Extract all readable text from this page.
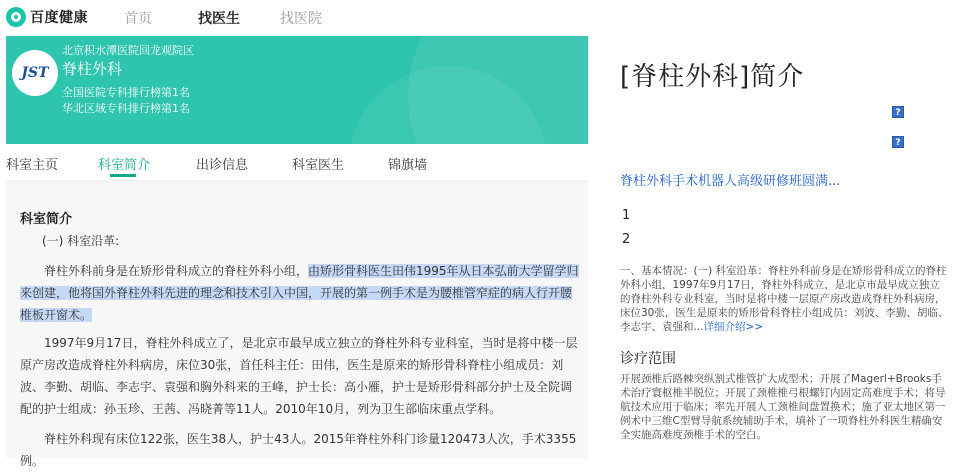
百度健康	首页	找医生	找医院
JST
北京积水潭医院回龙观院区
脊柱外科
全国医院专科排行榜第1名
华北区域专科排行榜第1名
科室主页	科室简介	出诊信息	科室医生	锦旗墙
科室简介
(一) 科室沿革:

脊柱外科前身是在矫形骨科成立的脊柱外科小组，由矫形骨科医生田伟1995年从日本弘前大学留学归来创建，他将国外脊柱外科先进的理念和技术引入中国，开展的第一例手术是为腰椎管窄症的病人行开腰椎板开窗术。

1997年9月17日，脊柱外科成立了，是北京市最早成立独立的脊柱外科专业科室，当时是将中楼一层原产房改造成脊柱外科病房，床位30张，首任科主任：田伟，医生是原来的矫形骨科脊柱小组成员：刘波、李勤、胡临、李志宇、袁强和胸外科来的王峰，护士长：高小雁，护士是矫形骨科部分护士及全院调配的护士组成：孙玉珍、王茜、冯晓菁等11人。2010年10月，列为卫生部临床重点学科。

脊柱外科现有床位122张，医生38人，护士43人。2015年脊柱外科门诊量120473人次，手术3355例。

[脊柱外科]简介
?
?
脊柱外科手术机器人高级研修班圆满...
1
2

一、基本情况：(一) 科室沿革：脊柱外科前身是在矫形骨科成立的脊柱外科小组，1997年9月17日，脊柱外科成立，是北京市最早成立独立的脊柱外科专业科室，当时是将中楼一层原产房改造成脊柱外科病房，床位30张，医生是原来的矫形骨科脊柱小组成员：刘波、李勤、胡临、李志宇、袁强和...详细介绍>>

诊疗范围

开展颈椎后路棘突纵割式椎管扩大成型术；开展了Magerl+Brooks手术治疗寰枢椎半脱位；开展了颈椎椎弓根螺钉内固定高难度手术；将导航技术应用于临床；率先开展人工颈椎间盘置换术；施了亚太地区第一例术中三维C型臂导航系统辅助手术，填补了一项脊柱外科医生精确安全实施高难度颈椎手术的空白。
